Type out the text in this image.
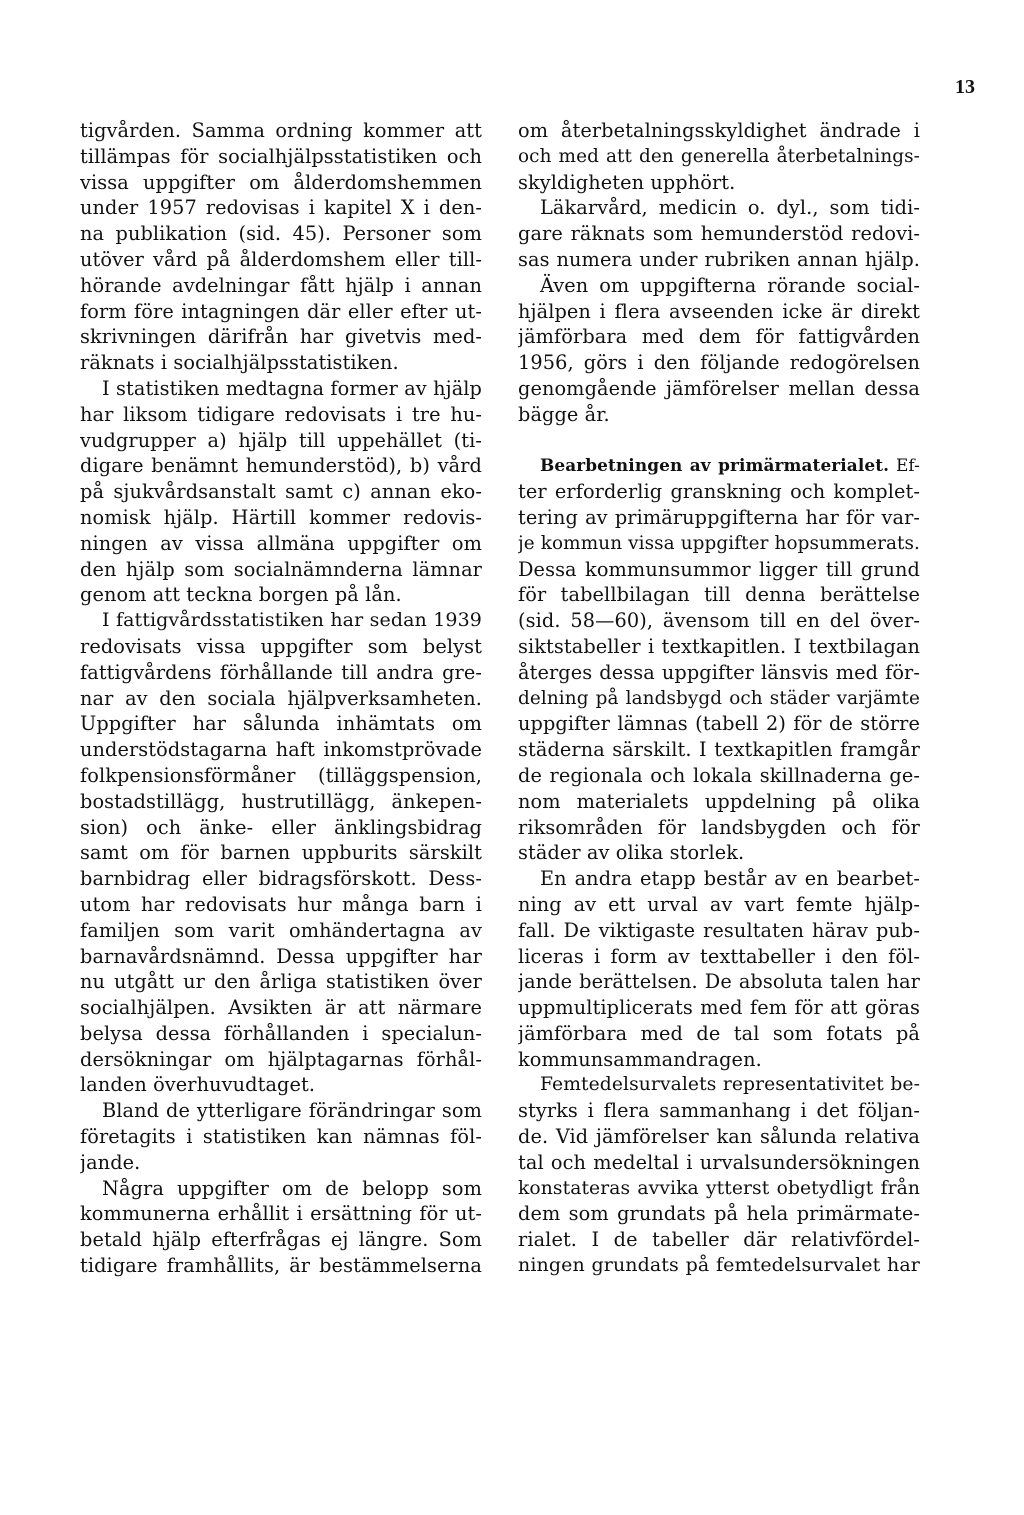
13
tigvården. Samma ordning kommer att
tillämpas för socialhjälpsstatistiken och
vissa uppgifter om ålderdomshemmen
under 1957 redovisas i kapitel X i den-
na publikation (sid. 45). Personer som
utöver vård på ålderdomshem eller till-
hörande avdelningar fått hjälp i annan
form före intagningen där eller efter ut-
skrivningen därifrån har givetvis med-
räknats i socialhjälpsstatistiken.
I statistiken medtagna former av hjälp
har liksom tidigare redovisats i tre hu-
vudgrupper a) hjälp till uppehället (ti-
digare benämnt hemunderstöd), b) vård
på sjukvårdsanstalt samt c) annan eko-
nomisk hjälp. Härtill kommer redovis-
ningen av vissa allmäna uppgifter om
den hjälp som socialnämnderna lämnar
genom att teckna borgen på lån.
I fattigvårdsstatistiken har sedan 1939
redovisats vissa uppgifter som belyst
fattigvårdens förhållande till andra gre-
nar av den sociala hjälpverksamheten.
Uppgifter har sålunda inhämtats om
understödstagarna haft inkomstprövade
folkpensionsförmåner (tilläggspension,
bostadstillägg, hustrutillägg, änkepen-
sion) och änke- eller änklingsbidrag
samt om för barnen uppburits särskilt
barnbidrag eller bidragsförskott. Dess-
utom har redovisats hur många barn i
familjen som varit omhändertagna av
barnavårdsnämnd. Dessa uppgifter har
nu utgått ur den årliga statistiken över
socialhjälpen. Avsikten är att närmare
belysa dessa förhållanden i specialun-
dersökningar om hjälptagarnas förhål-
landen överhuvudtaget.
Bland de ytterligare förändringar som
företagits i statistiken kan nämnas föl-
jande.
Några uppgifter om de belopp som
kommunerna erhållit i ersättning för ut-
betald hjälp efterfrågas ej längre. Som
tidigare framhållits, är bestämmelserna
om återbetalningsskyldighet ändrade i
och med att den generella återbetalnings-
skyldigheten upphört.
Läkarvård, medicin o. dyl., som tidi-
gare räknats som hemunderstöd redovi-
sas numera under rubriken annan hjälp.
Även om uppgifterna rörande social-
hjälpen i flera avseenden icke är direkt
jämförbara med dem för fattigvården
1956, görs i den följande redogörelsen
genomgående jämförelser mellan dessa
bägge år.
Bearbetningen av primärmaterialet. Ef-
ter erforderlig granskning och komplet-
tering av primäruppgifterna har för var-
je kommun vissa uppgifter hopsummerats.
Dessa kommunsummor ligger till grund
för tabellbilagan till denna berättelse
(sid. 58—60), ävensom till en del över-
siktstabeller i textkapitlen. I textbilagan
återges dessa uppgifter länsvis med för-
delning på landsbygd och städer varjämte
uppgifter lämnas (tabell 2) för de större
städerna särskilt. I textkapitlen framgår
de regionala och lokala skillnaderna ge-
nom materialets uppdelning på olika
riksområden för landsbygden och för
städer av olika storlek.
En andra etapp består av en bearbet-
ning av ett urval av vart femte hjälp-
fall. De viktigaste resultaten härav pub-
liceras i form av texttabeller i den föl-
jande berättelsen. De absoluta talen har
uppmultiplicerats med fem för att göras
jämförbara med de tal som fotats på
kommunsammandragen.
Femtedelsurvalets representativitet be-
styrks i flera sammanhang i det följan-
de. Vid jämförelser kan sålunda relativa
tal och medeltal i urvalsundersökningen
konstateras avvika ytterst obetydligt från
dem som grundats på hela primärmate-
rialet. I de tabeller där relativfördel-
ningen grundats på femtedelsurvalet har
